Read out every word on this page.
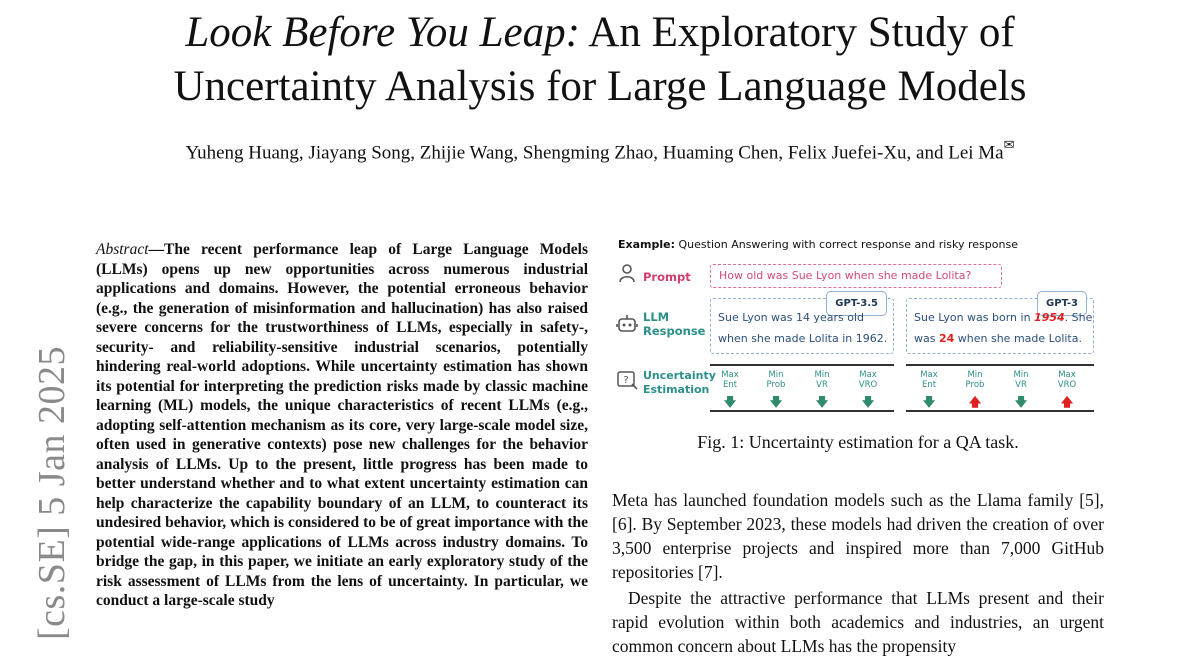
Look Before You Leap: An Exploratory Study of
Uncertainty Analysis for Large Language Models
Yuheng Huang, Jiayang Song, Zhijie Wang, Shengming Zhao, Huaming Chen, Felix Juefei-Xu, and Lei Ma✉
[cs.SE] 5 Jan 2025
Abstract—The recent performance leap of Large Language Models (LLMs) opens up new opportunities across numerous industrial applications and domains. However, the potential erroneous behavior (e.g., the generation of misinformation and hallucination) has also raised severe concerns for the trustworthiness of LLMs, especially in safety-, security- and reliability-sensitive industrial scenarios, potentially hindering real-world adoptions. While uncertainty estimation has shown its potential for interpreting the prediction risks made by classic machine learning (ML) models, the unique characteristics of recent LLMs (e.g., adopting self-attention mechanism as its core, very large-scale model size, often used in generative contexts) pose new challenges for the behavior analysis of LLMs. Up to the present, little progress has been made to better understand whether and to what extent uncertainty estimation can help characterize the capability boundary of an LLM, to counteract its undesired behavior, which is considered to be of great importance with the potential wide-range applications of LLMs across industry domains. To bridge the gap, in this paper, we initiate an early exploratory study of the risk assessment of LLMs from the lens of uncertainty. In particular, we conduct a large-scale study
Example: Question Answering with correct response and risky response
Prompt	How old was Sue Lyon when she made Lolita?
LLM
Response
GPT-3.5
Sue Lyon was 14 years old
when she made Lolita in 1962.
GPT-3
Sue Lyon was born in 1954. She
was 24 when she made Lolita.
? Uncertainty
Estimation
Max
Ent
🡇
Min
Prob
🡇
Min
VR
🡇
Max
VRO
🡇
Max
Ent
🡇
Min
Prob
🡅
Min
VR
🡇
Max
VRO
🡅
Fig. 1: Uncertainty estimation for a QA task.

Meta has launched foundation models such as the Llama family [5], [6]. By September 2023, these models had driven the creation of over 3,500 enterprise projects and inspired more than 7,000 GitHub repositories [7].

Despite the attractive performance that LLMs present and their rapid evolution within both academics and industries, an urgent common concern about LLMs has the propensity
